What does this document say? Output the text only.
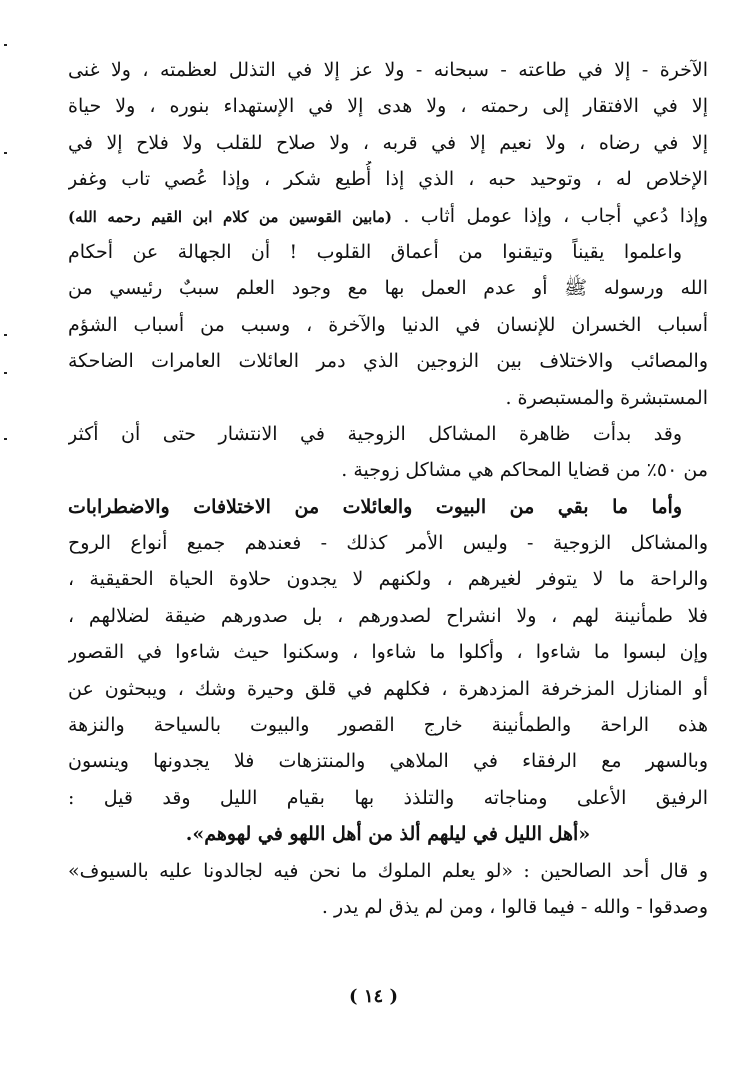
الآخرة - إلا في طاعته - سبحانه - ولا عز إلا في التذلل لعظمته ، ولا غنى
إلا في الافتقار إلى رحمته ، ولا هدى إلا في الإستهداء بنوره ، ولا حياة
إلا في رضاه ، ولا نعيم إلا في قربه ، ولا صلاح للقلب ولا فلاح إلا في
الإخلاص له ، وتوحيد حبه ، الذي إذا أُطيع شكر ، وإذا عُصي تاب وغفر
وإذا دُعي أجاب ، وإذا عومل أثاب . (مابين القوسين من كلام ابن القيم رحمه الله)
واعلموا يقيناً وتيقنوا من أعماق القلوب ! أن الجهالة عن أحكام
الله ورسوله ﷺ أو عدم العمل بها مع وجود العلم سببٌ رئيسي من
أسباب الخسران للإنسان في الدنيا والآخرة ، وسبب من أسباب الشؤم
والمصائب والاختلاف بين الزوجين الذي دمر العائلات العامرات الضاحكة
المستبشرة والمستبصرة .
وقد بدأت ظاهرة المشاكل الزوجية في الانتشار حتى أن أكثر
من ٥٠٪ من قضايا المحاكم هي مشاكل زوجية .
وأما ما بقي من البيوت والعائلات من الاختلافات والاضطرابات
والمشاكل الزوجية - وليس الأمر كذلك - فعندهم جميع أنواع الروح
والراحة ما لا يتوفر لغيرهم ، ولكنهم لا يجدون حلاوة الحياة الحقيقية ،
فلا طمأنينة لهم ، ولا انشراح لصدورهم ، بل صدورهم ضيقة لضلالهم ،
وإن لبسوا ما شاءوا ، وأكلوا ما شاءوا ، وسكنوا حيث شاءوا في القصور
أو المنازل المزخرفة المزدهرة ، فكلهم في قلق وحيرة وشك ، ويبحثون عن
هذه الراحة والطمأنينة خارج القصور والبيوت بالسياحة والنزهة
وبالسهر مع الرفقاء في الملاهي والمنتزهات فلا يجدونها وينسون
الرفيق الأعلى ومناجاته والتلذذ بها بقيام الليل وقد قيل :
«أهل الليل في ليلهم ألذ من أهل اللهو في لهوهم».
و قال أحد الصالحين : «لو يعلم الملوك ما نحن فيه لجالدونا عليه بالسيوف»
وصدقوا - والله - فيما قالوا ، ومن لم يذق لم يدر .
( ١٤ )
